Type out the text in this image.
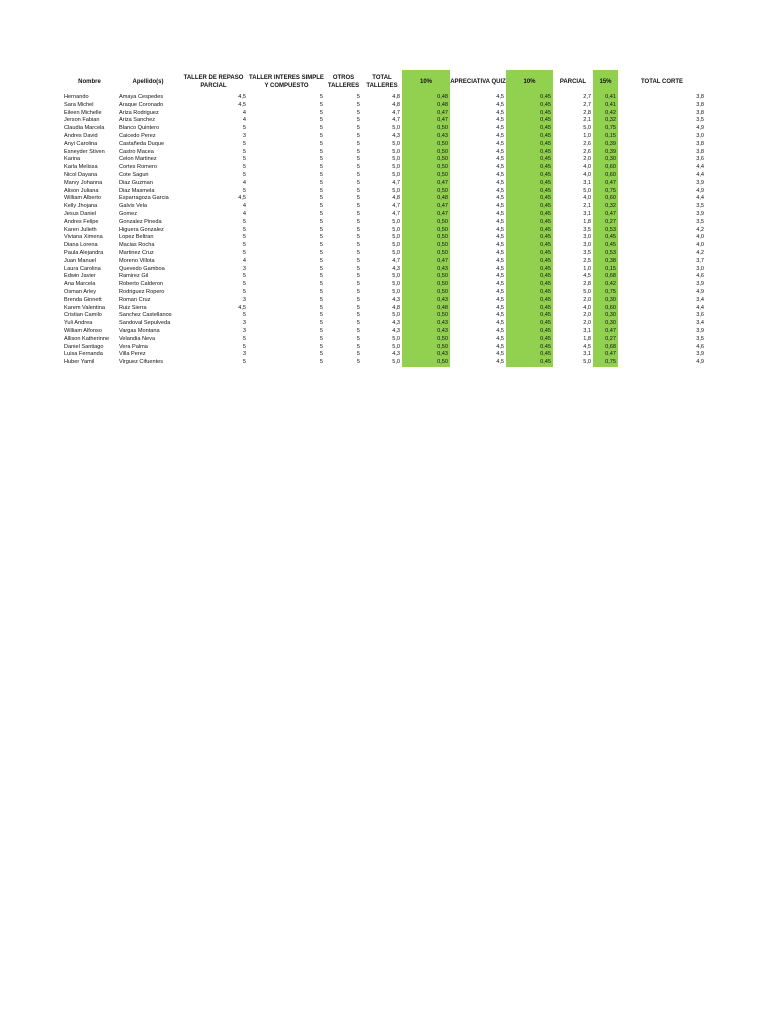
Nombre	Apellido(s)	TALLER DE REPASO PARCIAL	TALLER INTERES SIMPLE Y COMPUESTO	OTROS TALLERES	TOTAL TALLERES	10%	APRECIATIVA QUIZ	10%	PARCIAL	15%	TOTAL CORTE
Hernando	Amaya Cespedes	4,5	5	5	4,8	0,48	4,5	0,45	2,7	0,41	3,8
Sara Michel	Araque Coronado	4,5	5	5	4,8	0,48	4,5	0,45	2,7	0,41	3,8
Eileen Michelle	Ariza Rodriguez	4	5	5	4,7	0,47	4,5	0,45	2,8	0,42	3,8
Jerson Fabian	Ariza Sanchez	4	5	5	4,7	0,47	4,5	0,45	2,1	0,32	3,5
Claudia Marcela	Blanco Quintero	5	5	5	5,0	0,50	4,5	0,45	5,0	0,75	4,9
Andres David	Caicedo Perez	3	5	5	4,3	0,43	4,5	0,45	1,0	0,15	3,0
Anyi Carolina	Castañeda Duque	5	5	5	5,0	0,50	4,5	0,45	2,6	0,39	3,8
Esneyder Stiven	Castro Macea	5	5	5	5,0	0,50	4,5	0,45	2,6	0,39	3,8
Karina	Celon Martinez	5	5	5	5,0	0,50	4,5	0,45	2,0	0,30	3,6
Karla Melissa	Cortes Romero	5	5	5	5,0	0,50	4,5	0,45	4,0	0,60	4,4
Nicol Dayana	Cote Sagun	5	5	5	5,0	0,50	4,5	0,45	4,0	0,60	4,4
Marvy Johanna	Diaz Guzman	4	5	5	4,7	0,47	4,5	0,45	3,1	0,47	3,9
Alison Juliana	Diaz Masmela	5	5	5	5,0	0,50	4,5	0,45	5,0	0,75	4,9
William Alberto	Esparragoza Garcia	4,5	5	5	4,8	0,48	4,5	0,45	4,0	0,60	4,4
Kelly Jhojana	Galvis Vela	4	5	5	4,7	0,47	4,5	0,45	2,1	0,32	3,5
Jesus Daniel	Gomez	4	5	5	4,7	0,47	4,5	0,45	3,1	0,47	3,9
Andres Felipe	Gonzalez Pineda	5	5	5	5,0	0,50	4,5	0,45	1,8	0,27	3,5
Karen Julieth	Higuera Gonzalez	5	5	5	5,0	0,50	4,5	0,45	3,5	0,53	4,2
Viviana Ximena	Lopez Beltran	5	5	5	5,0	0,50	4,5	0,45	3,0	0,45	4,0
Diana Lorena	Macias Rocha	5	5	5	5,0	0,50	4,5	0,45	3,0	0,45	4,0
Paula Alejandra	Martinez Cruz	5	5	5	5,0	0,50	4,5	0,45	3,5	0,53	4,2
Juan Manuel	Moreno Villota	4	5	5	4,7	0,47	4,5	0,45	2,5	0,38	3,7
Laura Carolina	Quevedo Gamboa	3	5	5	4,3	0,43	4,5	0,45	1,0	0,15	3,0
Edwin Javier	Ramirez Gil	5	5	5	5,0	0,50	4,5	0,45	4,5	0,68	4,6
Ana Marcela	Roberto Calderon	5	5	5	5,0	0,50	4,5	0,45	2,8	0,42	3,9
Osman Arley	Rodriguez Ropero	5	5	5	5,0	0,50	4,5	0,45	5,0	0,75	4,9
Brenda Ginnett	Roman Cruz	3	5	5	4,3	0,43	4,5	0,45	2,0	0,30	3,4
Karem Valentina	Ruiz Sierra	4,5	5	5	4,8	0,48	4,5	0,45	4,0	0,60	4,4
Cristian Camilo	Sanchez Castellanos	5	5	5	5,0	0,50	4,5	0,45	2,0	0,30	3,6
Yuli Andrea	Sandoval Sepulveda	3	5	5	4,3	0,43	4,5	0,45	2,0	0,30	3,4
William Alfonso	Vargas Montana	3	5	5	4,3	0,43	4,5	0,45	3,1	0,47	3,9
Allison Katherinne	Velandia Neva	5	5	5	5,0	0,50	4,5	0,45	1,8	0,27	3,5
Daniel Santiago	Vera Palma	5	5	5	5,0	0,50	4,5	0,45	4,5	0,68	4,6
Luisa Fernanda	Villa Perez	3	5	5	4,3	0,43	4,5	0,45	3,1	0,47	3,9
Huber Yamil	Virguez Cifuentes	5	5	5	5,0	0,50	4,5	0,45	5,0	0,75	4,9
